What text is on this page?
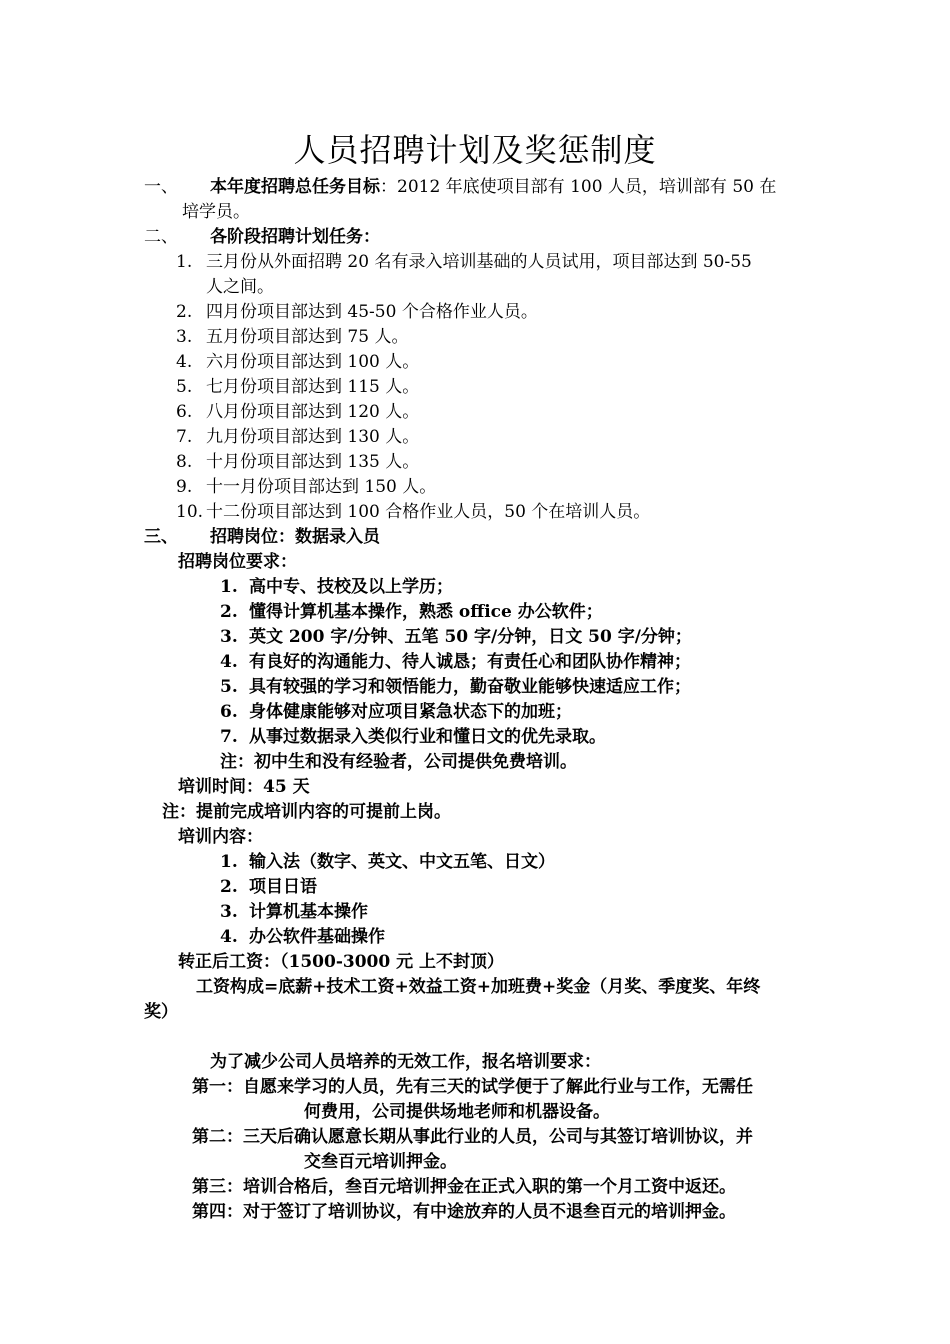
人员招聘计划及奖惩制度
一、 本年度招聘总任务目标：2012 年底使项目部有 100 人员，培训部有 50 在
培学员。
二、 各阶段招聘计划任务：
1. 三月份从外面招聘 20 名有录入培训基础的人员试用，项目部达到 50-55
人之间。
2. 四月份项目部达到 45-50 个合格作业人员。
3. 五月份项目部达到 75 人。
4. 六月份项目部达到 100 人。
5. 七月份项目部达到 115 人。
6. 八月份项目部达到 120 人。
7. 九月份项目部达到 130 人。
8. 十月份项目部达到 135 人。
9. 十一月份项目部达到 150 人。
10. 十二份项目部达到 100 合格作业人员，50 个在培训人员。
三、 招聘岗位：数据录入员
招聘岗位要求：
1. 高中专、技校及以上学历；
2. 懂得计算机基本操作，熟悉 office 办公软件；
3. 英文 200 字/分钟、五笔 50 字/分钟，日文 50 字/分钟；
4. 有良好的沟通能力、待人诚恳；有责任心和团队协作精神；
5. 具有较强的学习和领悟能力，勤奋敬业能够快速适应工作；
6. 身体健康能够对应项目紧急状态下的加班；
7. 从事过数据录入类似行业和懂日文的优先录取。
注：初中生和没有经验者，公司提供免费培训。
培训时间：45 天
注：提前完成培训内容的可提前上岗。
培训内容：
1. 输入法（数字、英文、中文五笔、日文）
2. 项目日语
3. 计算机基本操作
4. 办公软件基础操作
转正后工资：（1500-3000 元 上不封顶）
工资构成=底薪+技术工资+效益工资+加班费+奖金（月奖、季度奖、年终
奖）
为了减少公司人员培养的无效工作，报名培训要求：
第一：自愿来学习的人员，先有三天的试学便于了解此行业与工作，无需任
何费用，公司提供场地老师和机器设备。
第二：三天后确认愿意长期从事此行业的人员，公司与其签订培训协议，并
交叁百元培训押金。
第三：培训合格后，叁百元培训押金在正式入职的第一个月工资中返还。
第四：对于签订了培训协议，有中途放弃的人员不退叁百元的培训押金。
